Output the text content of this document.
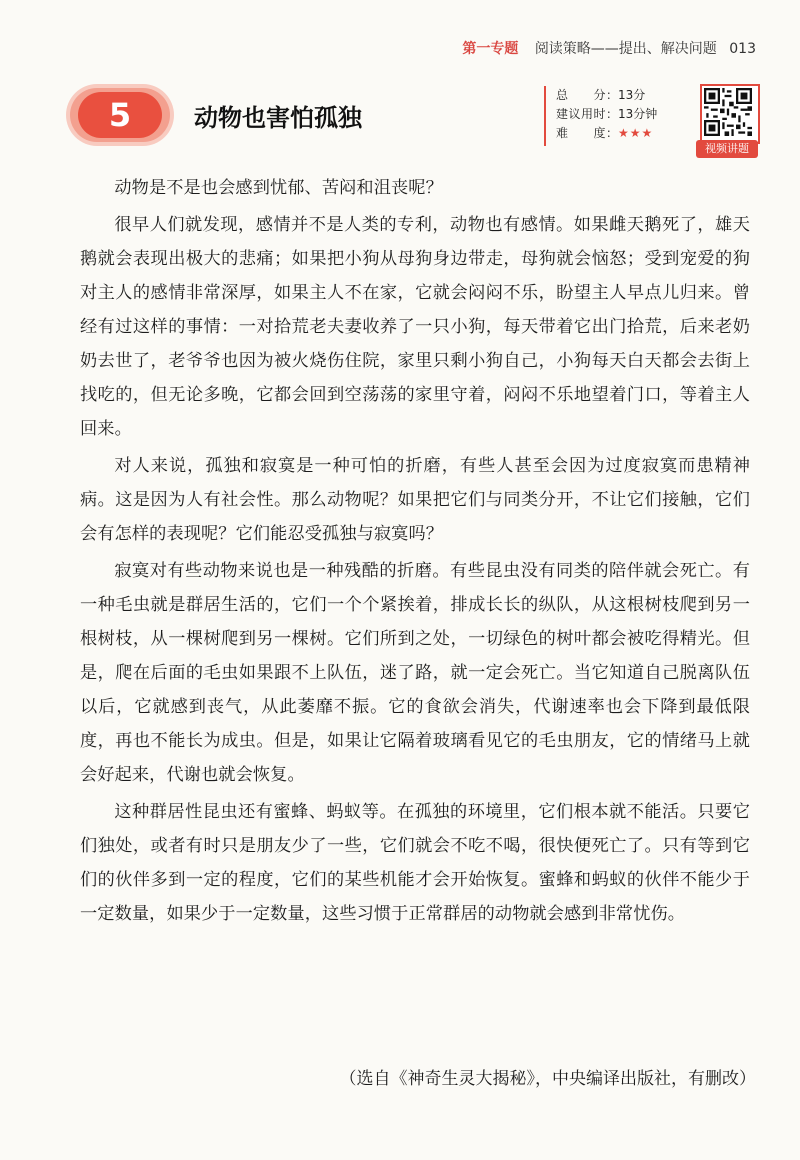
第一专题 阅读策略——提出、解决问题 013
5	动物也害怕孤独
总　　分：13分
建议用时：13分钟
难　　度：★★★
视频讲题

动物是不是也会感到忧郁、苦闷和沮丧呢？

很早人们就发现，感情并不是人类的专利，动物也有感情。如果雌天鹅死了，雄天鹅就会表现出极大的悲痛；如果把小狗从母狗身边带走，母狗就会恼怒；受到宠爱的狗对主人的感情非常深厚，如果主人不在家，它就会闷闷不乐，盼望主人早点儿归来。曾经有过这样的事情：一对拾荒老夫妻收养了一只小狗，每天带着它出门拾荒，后来老奶奶去世了，老爷爷也因为被火烧伤住院，家里只剩小狗自己，小狗每天白天都会去街上找吃的，但无论多晚，它都会回到空荡荡的家里守着，闷闷不乐地望着门口，等着主人回来。

对人来说，孤独和寂寞是一种可怕的折磨，有些人甚至会因为过度寂寞而患精神病。这是因为人有社会性。那么动物呢？如果把它们与同类分开，不让它们接触，它们会有怎样的表现呢？它们能忍受孤独与寂寞吗？

寂寞对有些动物来说也是一种残酷的折磨。有些昆虫没有同类的陪伴就会死亡。有一种毛虫就是群居生活的，它们一个个紧挨着，排成长长的纵队，从这根树枝爬到另一根树枝，从一棵树爬到另一棵树。它们所到之处，一切绿色的树叶都会被吃得精光。但是，爬在后面的毛虫如果跟不上队伍，迷了路，就一定会死亡。当它知道自己脱离队伍以后，它就感到丧气，从此萎靡不振。它的食欲会消失，代谢速率也会下降到最低限度，再也不能长为成虫。但是，如果让它隔着玻璃看见它的毛虫朋友，它的情绪马上就会好起来，代谢也就会恢复。

这种群居性昆虫还有蜜蜂、蚂蚁等。在孤独的环境里，它们根本就不能活。只要它们独处，或者有时只是朋友少了一些，它们就会不吃不喝，很快便死亡了。只有等到它们的伙伴多到一定的程度，它们的某些机能才会开始恢复。蜜蜂和蚂蚁的伙伴不能少于一定数量，如果少于一定数量，这些习惯于正常群居的动物就会感到非常忧伤。

（选自《神奇生灵大揭秘》，中央编译出版社，有删改）
